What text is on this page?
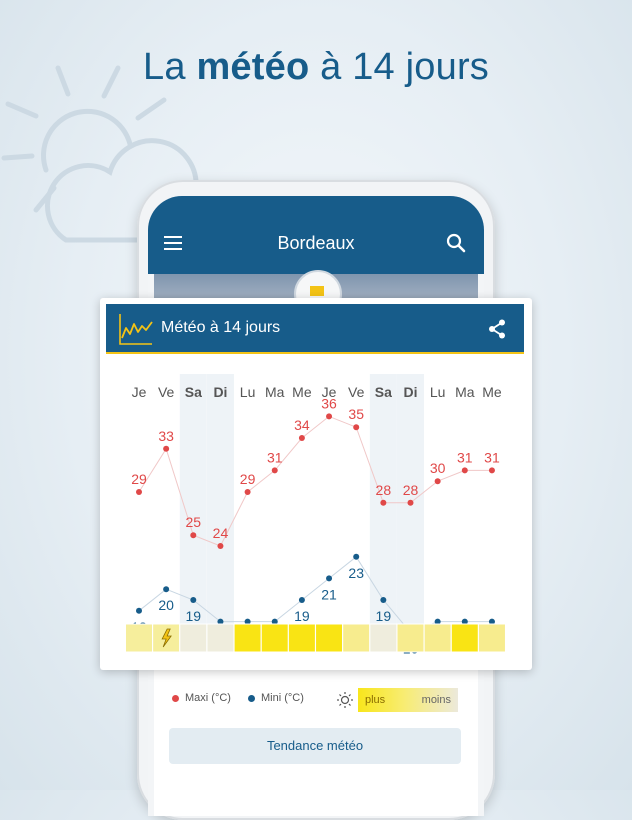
La météo à 14 jours
Bordeaux
Maxi (°C)	Mini (°C)	plus	moins
Tendance météo
Je Ve Sa Di Lu Ma Me Je Ve Sa Di Lu Ma Me
29
33
25
24
29
31
34
36
35
28 28
30
31 31
20
19	19
21
23
19
Météo à 14 jours
